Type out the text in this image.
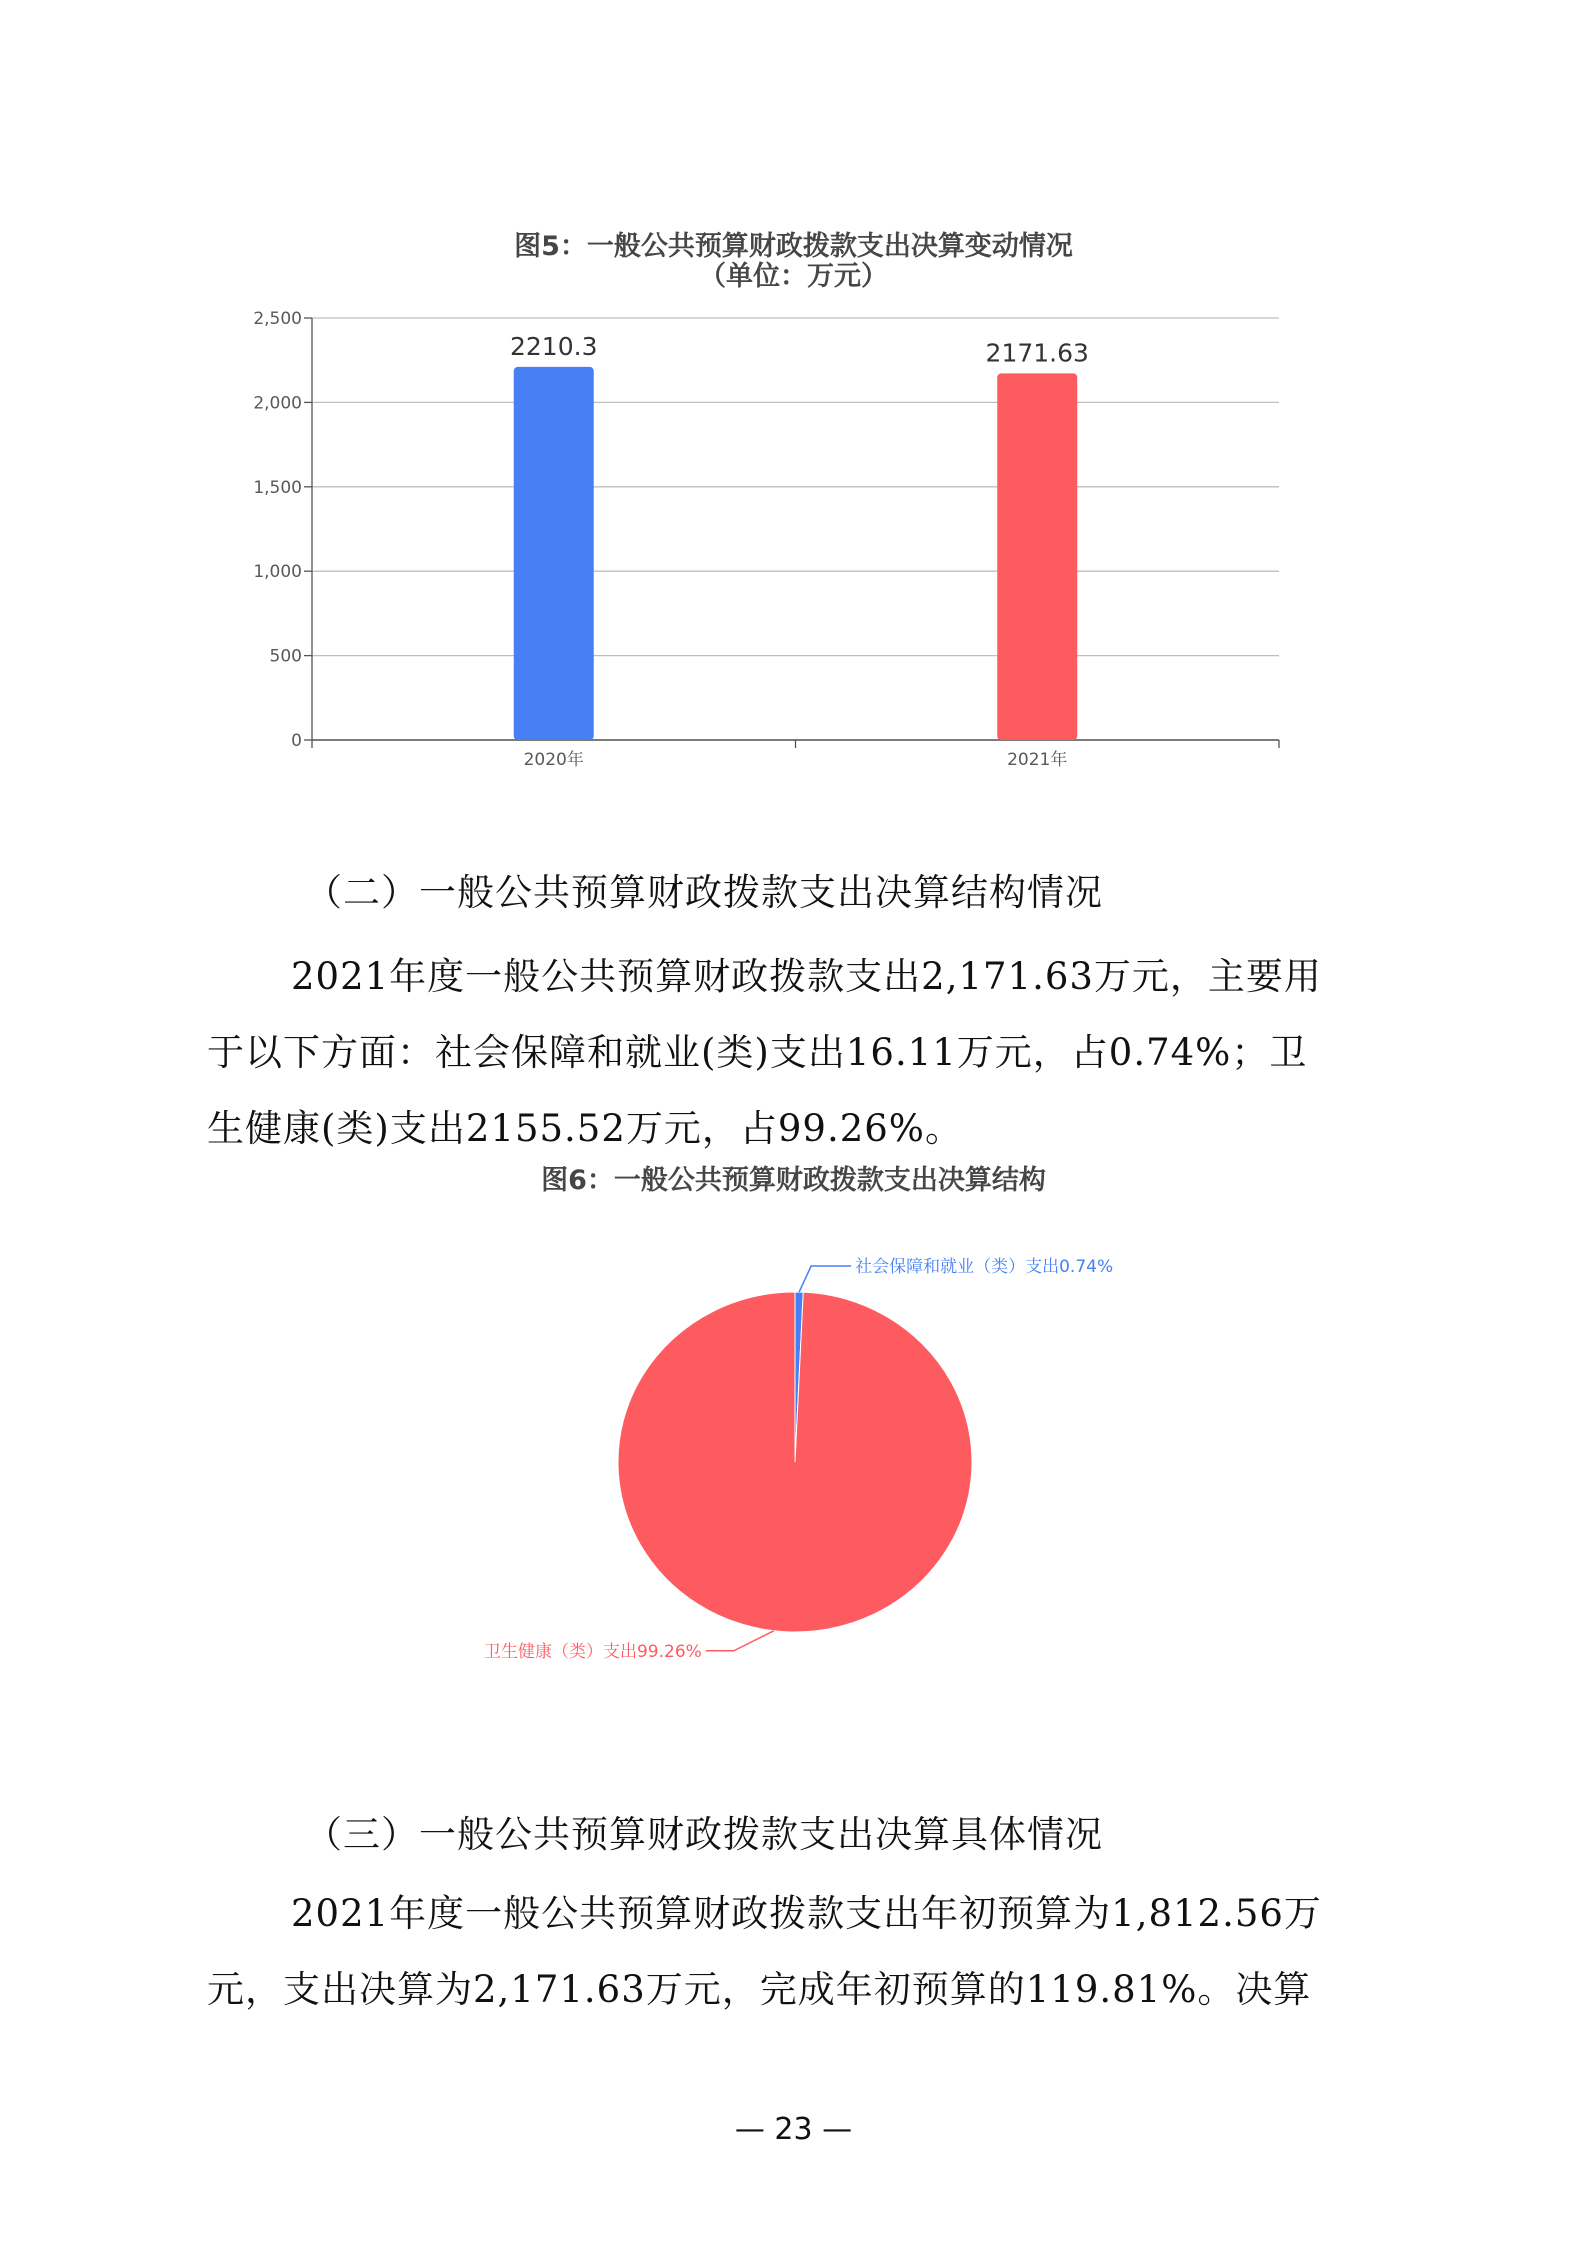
图5：一般公共预算财政拨款支出决算变动情况

（单位：万元）

0
500
1,000
1,500
2,000
2,500
2210.3
2020年
2171.63
2021年

（二）一般公共预算财政拨款支出决算结构情况

2021年度一般公共预算财政拨款支出2,171.63万元，主要用

于以下方面：社会保障和就业(类)支出16.11万元，占0.74%；卫

生健康(类)支出2155.52万元，占99.26%。

图6：一般公共预算财政拨款支出决算结构

社会保障和就业（类）支出0.74%
卫生健康（类）支出99.26%

（三）一般公共预算财政拨款支出决算具体情况

2021年度一般公共预算财政拨款支出年初预算为1,812.56万

元，支出决算为2,171.63万元，完成年初预算的119.81%。决算

— 23 —
